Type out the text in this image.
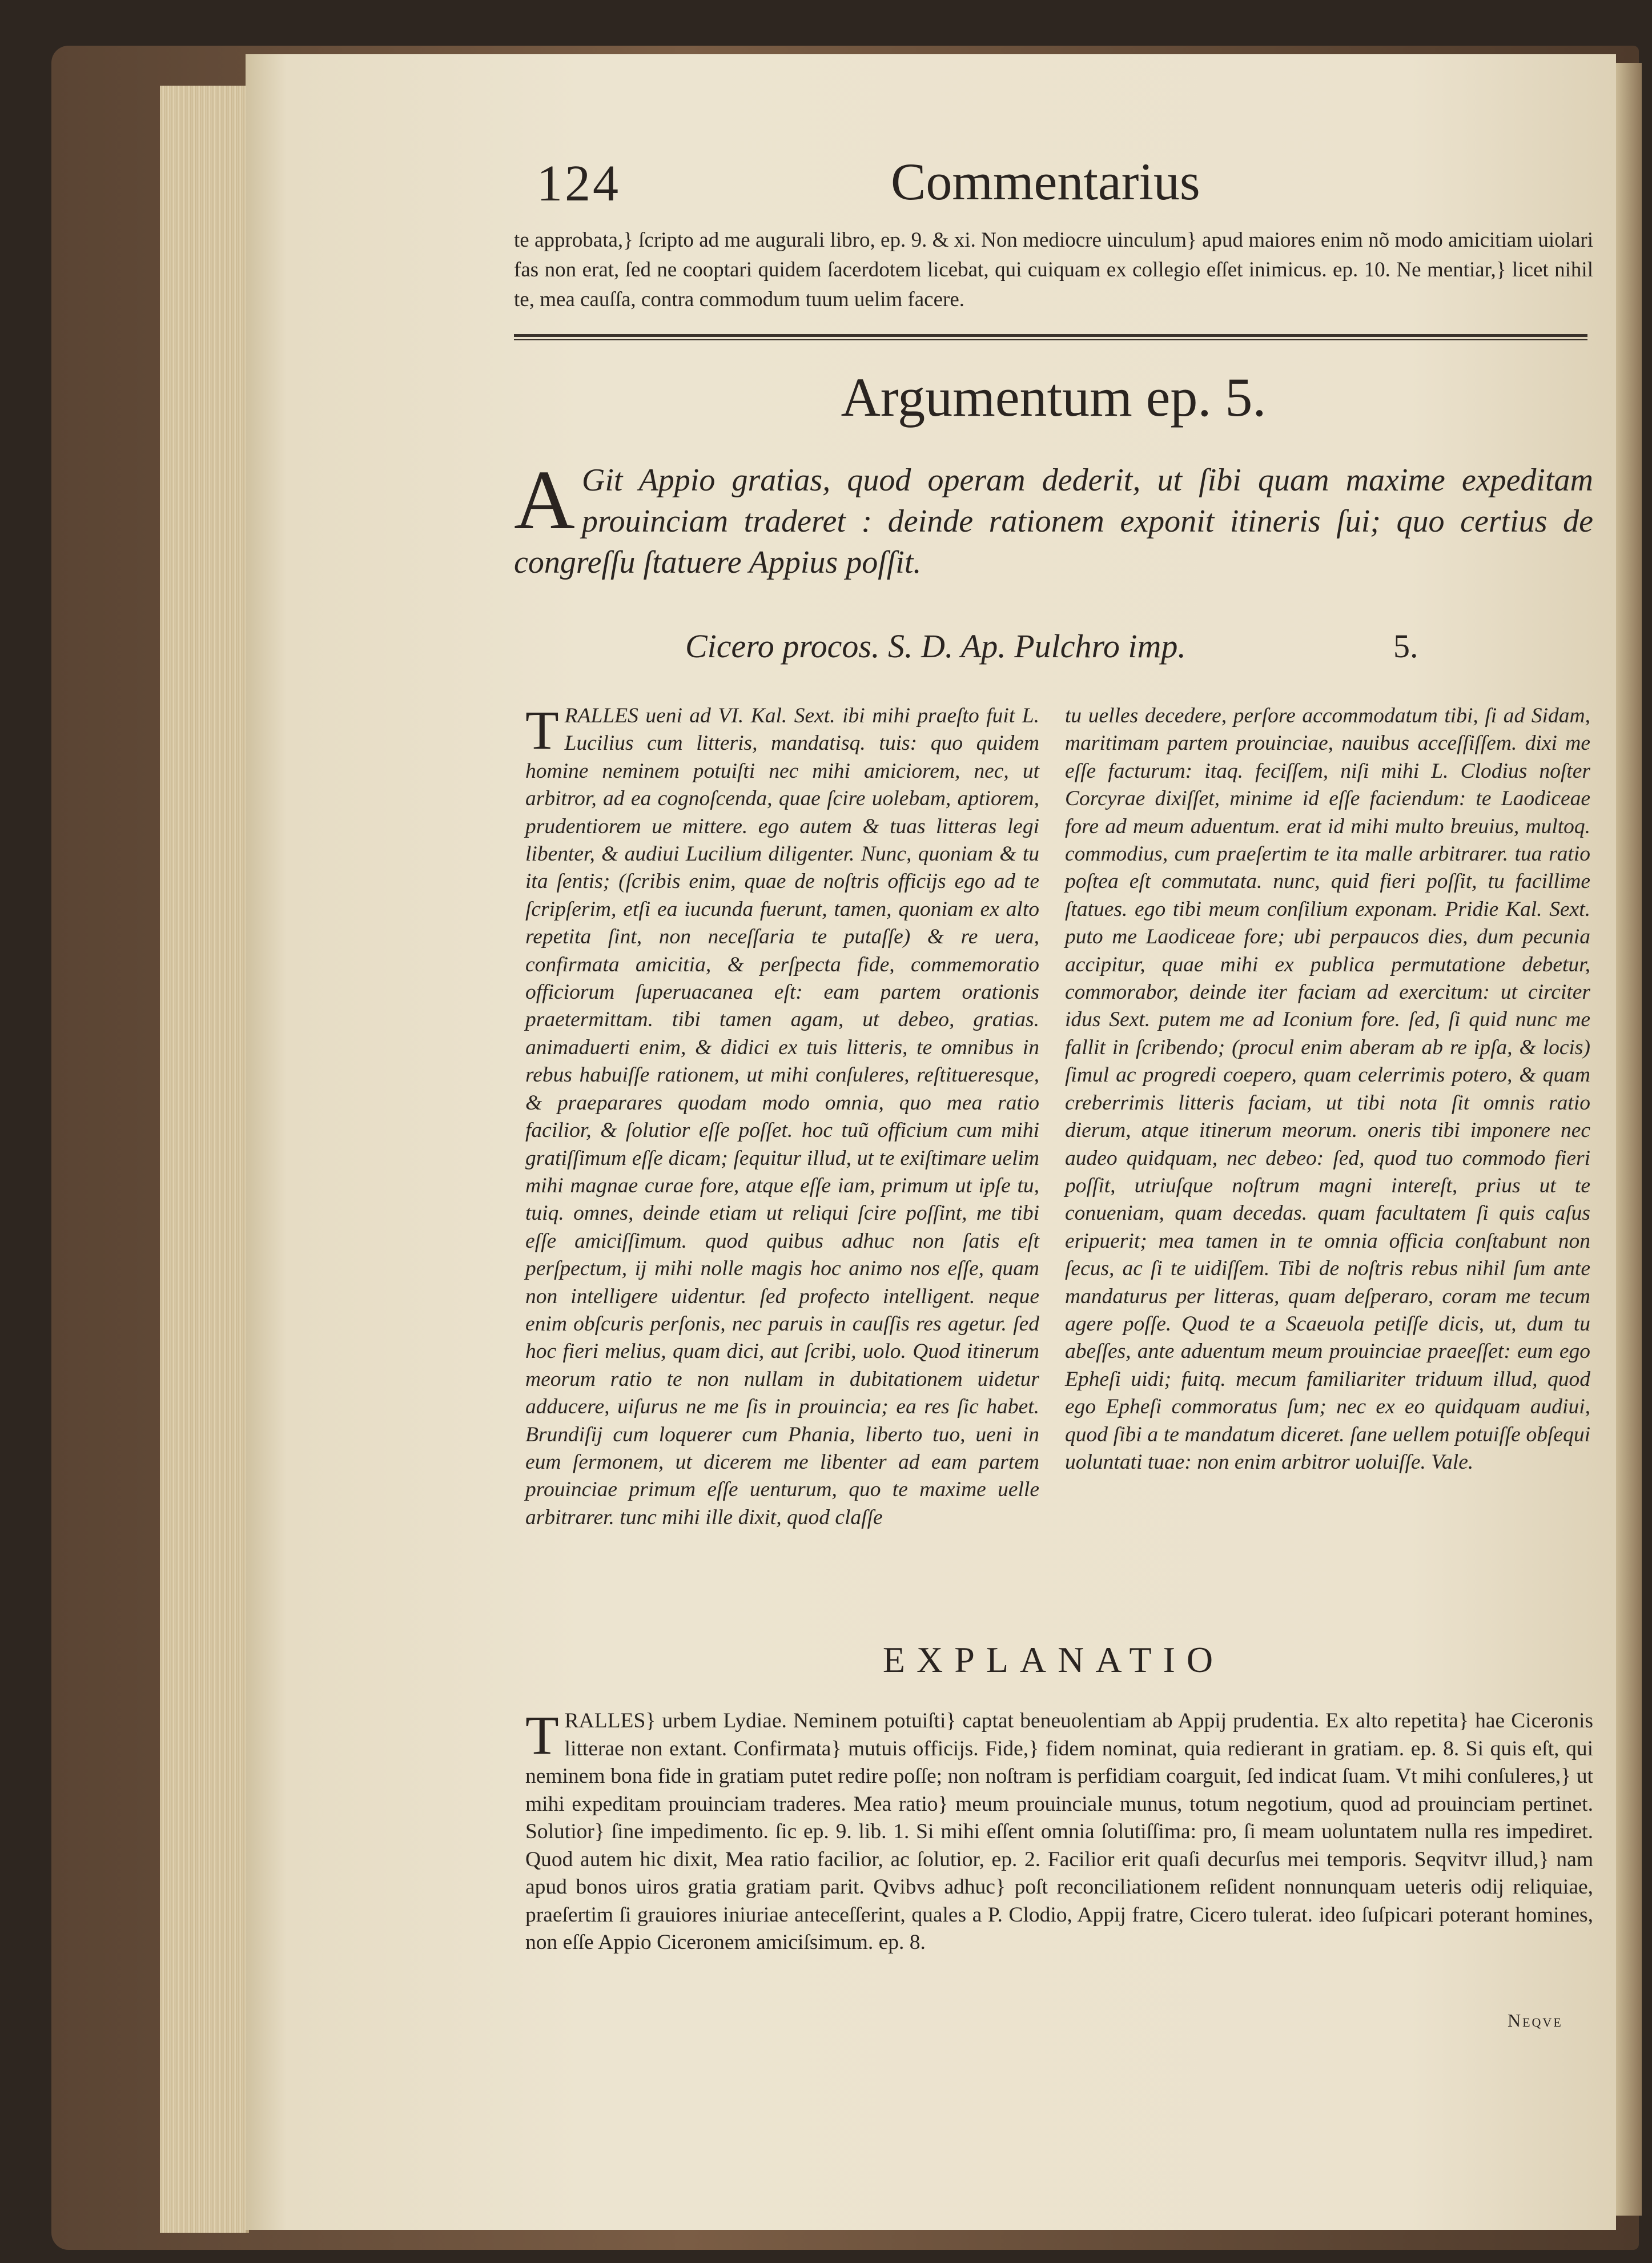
124	Commentarius

te approbata,} ſcripto ad me augurali libro, ep. 9. & xi. Non mediocre uinculum} apud maiores enim nõ modo amicitiam uiolari fas non erat, ſed ne cooptari quidem ſacerdotem licebat, qui cuiquam ex collegio eſſet inimicus. ep. 10. Ne mentiar,} licet nihil te, mea cauſſa, contra commodum tuum uelim facere.

Argumentum ep. 5.
A Git Appio gratias, quod operam dederit, ut ſibi quam maxime expeditam prouinciam traderet : deinde rationem exponit itineris ſui; quo certius de congreſſu ſtatuere Appius poſſit.
Cicero procos. S. D. Ap. Pulchro imp.	5.

TRALLES ueni ad VI. Kal. Sext. ibi mihi praeſto fuit L. Lucilius cum litteris, mandatisq. tuis: quo quidem homine neminem potuiſti nec mihi amiciorem, nec, ut arbitror, ad ea cognoſcenda, quae ſcire uolebam, aptiorem, prudentiorem ue mittere. ego autem & tuas litteras legi libenter, & audiui Lucilium diligenter. Nunc, quoniam & tu ita ſentis; (ſcribis enim, quae de noſtris officijs ego ad te ſcripſerim, etſi ea iucunda fuerunt, tamen, quoniam ex alto repetita ſint, non neceſſaria te putaſſe) & re uera, confirmata amicitia, & perſpecta fide, commemoratio officiorum ſuperuacanea eſt: eam partem orationis praetermittam. tibi tamen agam, ut debeo, gratias. animaduerti enim, & didici ex tuis litteris, te omnibus in rebus habuiſſe rationem, ut mihi conſuleres, reſtitueresque, & praeparares quodam modo omnia, quo mea ratio facilior, & ſolutior eſſe poſſet. hoc tuũ officium cum mihi gratiſſimum eſſe dicam; ſequitur illud, ut te exiſtimare uelim mihi magnae curae fore, atque eſſe iam, primum ut ipſe tu, tuiq. omnes, deinde etiam ut reliqui ſcire poſſint, me tibi eſſe amiciſſimum. quod quibus adhuc non ſatis eſt perſpectum, ij mihi nolle magis hoc animo nos eſſe, quam non intelligere uidentur. ſed profecto intelligent. neque enim obſcuris perſonis, nec paruis in cauſſis res agetur. ſed hoc fieri melius, quam dici, aut ſcribi, uolo. Quod itinerum meorum ratio te non nullam in dubitationem uidetur adducere, uiſurus ne me ſis in prouincia; ea res ſic habet. Brundiſij cum loquerer cum Phania, liberto tuo, ueni in eum ſermonem, ut dicerem me libenter ad eam partem prouinciae primum eſſe uenturum, quo te maxime uelle arbitrarer. tunc mihi ille dixit, quod claſſe

tu uelles decedere, perſore accommodatum tibi, ſi ad Sidam, maritimam partem prouinciae, nauibus acceſſiſſem. dixi me eſſe facturum: itaq. feciſſem, niſi mihi L. Clodius noſter Corcyrae dixiſſet, minime id eſſe faciendum: te Laodiceae fore ad meum aduentum. erat id mihi multo breuius, multoq. commodius, cum praeſertim te ita malle arbitrarer. tua ratio poſtea eſt commutata. nunc, quid fieri poſſit, tu facillime ſtatues. ego tibi meum conſilium exponam. Pridie Kal. Sext. puto me Laodiceae fore; ubi perpaucos dies, dum pecunia accipitur, quae mihi ex publica permutatione debetur, commorabor, deinde iter faciam ad exercitum: ut circiter idus Sext. putem me ad Iconium fore. ſed, ſi quid nunc me fallit in ſcribendo; (procul enim aberam ab re ipſa, & locis) ſimul ac progredi coepero, quam celerrimis potero, & quam creberrimis litteris faciam, ut tibi nota ſit omnis ratio dierum, atque itinerum meorum. oneris tibi imponere nec audeo quidquam, nec debeo: ſed, quod tuo commodo fieri poſſit, utriuſque noſtrum magni intereſt, prius ut te conueniam, quam decedas. quam facultatem ſi quis caſus eripuerit; mea tamen in te omnia officia conſtabunt non ſecus, ac ſi te uidiſſem. Tibi de noſtris rebus nihil ſum ante mandaturus per litteras, quam deſperaro, coram me tecum agere poſſe. Quod te a Scaeuola petiſſe dicis, ut, dum tu abeſſes, ante aduentum meum prouinciae praeeſſet: eum ego Epheſi uidi; fuitq. mecum familiariter triduum illud, quod ego Epheſi commoratus ſum; nec ex eo quidquam audiui, quod ſibi a te mandatum diceret. ſane uellem potuiſſe obſequi uoluntati tuae: non enim arbitror uoluiſſe. Vale.

EXPLANATIO

TRALLES} urbem Lydiae. Neminem potuiſti} captat beneuolentiam ab Appij prudentia. Ex alto repetita} hae Ciceronis litterae non extant. Confirmata} mutuis officijs. Fide,} fidem nominat, quia redierant in gratiam. ep. 8. Si quis eſt, qui neminem bona fide in gratiam putet redire poſſe; non noſtram is perfidiam coarguit, ſed indicat ſuam. Vt mihi conſuleres,} ut mihi expeditam prouinciam traderes. Mea ratio} meum prouinciale munus, totum negotium, quod ad prouinciam pertinet. Solutior} ſine impedimento. ſic ep. 9. lib. 1. Si mihi eſſent omnia ſolutiſſima: pro, ſi meam uoluntatem nulla res impediret. Quod autem hic dixit, Mea ratio facilior, ac ſolutior, ep. 2. Facilior erit quaſi decurſus mei temporis. Seqvitvr illud,} nam apud bonos uiros gratia gratiam parit. Qvibvs adhuc} poſt reconciliationem reſident nonnunquam ueteris odij reliquiae, praeſertim ſi grauiores iniuriae anteceſſerint, quales a P. Clodio, Appij fratre, Cicero tulerat. ideo ſuſpicari poterant homines, non eſſe Appio Ciceronem amiciſsimum. ep. 8.

Neqve
